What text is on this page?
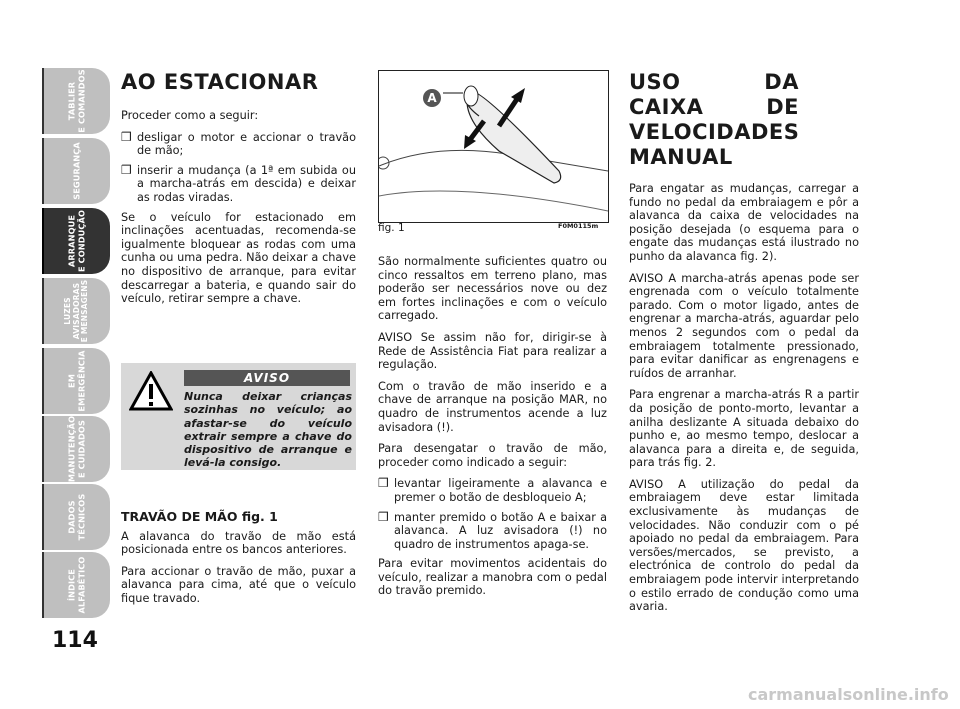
TABLIER
E COMANDOS
SEGURANÇA
ARRANQUE
E CONDUÇÃO
LUZES
AVISADORAS
E MENSAGENS
EM
EMERGÊNCIA
MANUTENÇÃO
E CUIDADOS
DADOS
TÉCNICOS
ÍNDICE
ALFABÉTICO
114
AO ESTACIONAR

Proceder como a seguir:

❒ desligar o motor e accionar o travão de mão;
❒ inserir a mudança (a 1ª em subida ou a marcha-atrás em descida) e deixar as rodas viradas.

Se o veículo for estacionado em inclinações acentuadas, recomenda-se igualmente bloquear as rodas com uma cunha ou uma pedra. Não deixar a chave no dispositivo de arranque, para evitar descarregar a bateria, e quando sair do veículo, retirar sempre a chave.

AVISO
Nunca deixar crianças sozinhas no veículo; ao afastar-se do veículo extrair sempre a chave do dispositivo de arranque e levá-la consigo.
TRAVÃO DE MÃO fig. 1

A alavanca do travão de mão está posicionada entre os bancos anteriores.

Para accionar o travão de mão, puxar a alavanca para cima, até que o veículo fique travado.

A
fig. 1	F0M0115m

São normalmente suficientes quatro ou cinco ressaltos em terreno plano, mas poderão ser necessários nove ou dez em fortes inclinações e com o veículo carregado.

AVISO Se assim não for, dirigir-se à Rede de Assistência Fiat para realizar a regulação.

Com o travão de mão inserido e a chave de arranque na posição MAR, no quadro de instrumentos acende a luz avisadora (!).

Para desengatar o travão de mão, proceder como indicado a seguir:

❒ levantar ligeiramente a alavanca e premer o botão de desbloqueio A;
❒ manter premido o botão A e baixar a alavanca. A luz avisadora (!) no quadro de instrumentos apaga-se.

Para evitar movimentos acidentais do veículo, realizar a manobra com o pedal do travão premido.

USO DA CAIXA DE VELOCIDADES MANUAL

Para engatar as mudanças, carregar a fundo no pedal da embraiagem e pôr a alavanca da caixa de velocidades na posição desejada (o esquema para o engate das mudanças está ilustrado no punho da alavanca fig. 2).

AVISO A marcha-atrás apenas pode ser engrenada com o veículo totalmente parado. Com o motor ligado, antes de engrenar a marcha-atrás, aguardar pelo menos 2 segundos com o pedal da embraiagem totalmente pressionado, para evitar danificar as engrenagens e ruídos de arranhar.

Para engrenar a marcha-atrás R a partir da posição de ponto-morto, levantar a anilha deslizante A situada debaixo do punho e, ao mesmo tempo, deslocar a alavanca para a direita e, de seguida, para trás fig. 2.

AVISO A utilização do pedal da embraiagem deve estar limitada exclusivamente às mudanças de velocidades. Não conduzir com o pé apoiado no pedal da embraiagem. Para versões/mercados, se previsto, a electrónica de controlo do pedal da embraiagem pode intervir interpretando o estilo errado de condução como uma avaria.

carmanualsonline.info
